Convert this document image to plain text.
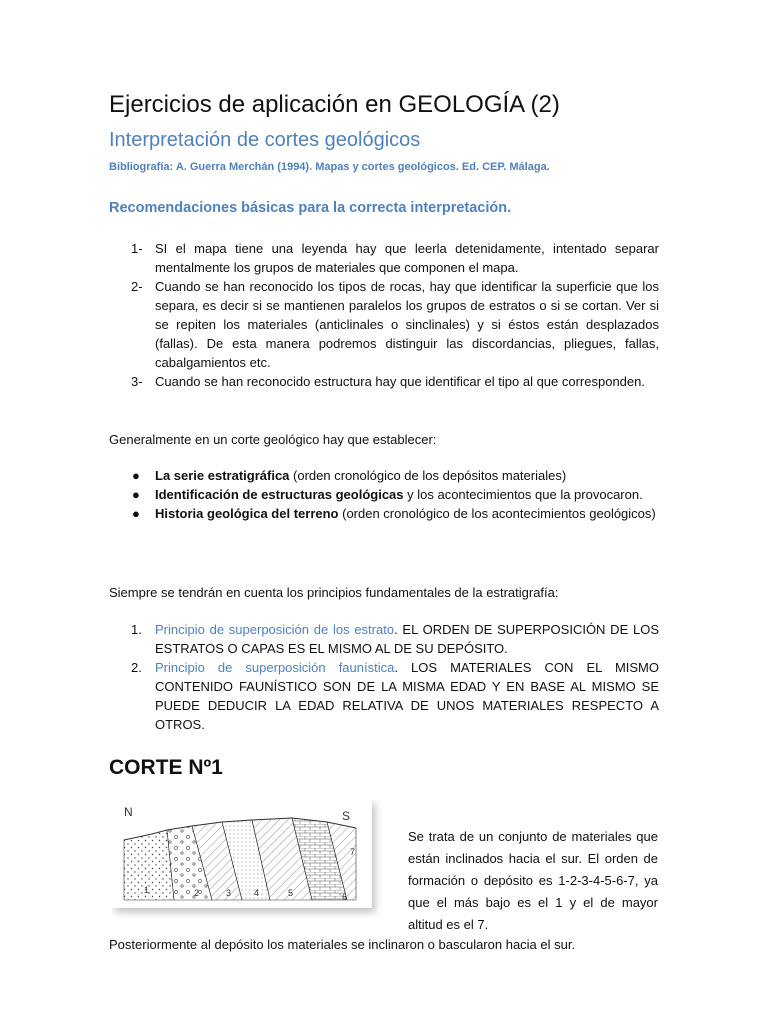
Ejercicios de aplicación en GEOLOGÍA (2)
Interpretación de cortes geológicos
Bibliografía: A. Guerra Merchán (1994). Mapas y cortes geológicos. Ed. CEP. Málaga.
Recomendaciones básicas para la correcta interpretación.
1- SI el mapa tiene una leyenda hay que leerla detenidamente, intentado separar mentalmente los grupos de materiales que componen el mapa.
2- Cuando se han reconocido los tipos de rocas, hay que identificar la superficie que los separa, es decir si se mantienen paralelos los grupos de estratos o si se cortan. Ver si se repiten los materiales (anticlinales o sinclinales) y si éstos están desplazados (fallas). De esta manera podremos distinguir las discordancias, pliegues, fallas, cabalgamientos etc.
3- Cuando se han reconocido estructura hay que identificar el tipo al que corresponden.
Generalmente en un corte geológico hay que establecer:
● La serie estratigráfica (orden cronológico de los depósitos materiales)
● Identificación de estructuras geológicas y los acontecimientos que la provocaron.
● Historia geológica del terreno (orden cronológico de los acontecimientos geológicos)
Siempre se tendrán en cuenta los principios fundamentales de la estratigrafía:
1. Principio de superposición de los estrato. EL ORDEN DE SUPERPOSICIÓN DE LOS ESTRATOS O CAPAS ES EL MISMO AL DE SU DEPÓSITO.
2. Principio de superposición faunística. LOS MATERIALES CON EL MISMO CONTENIDO FAUNÍSTICO SON DE LA MISMA EDAD Y EN BASE AL MISMO SE PUEDE DEDUCIR LA EDAD RELATIVA DE UNOS MATERIALES RESPECTO A OTROS.
CORTE Nº1
N	S
1	2	3	4	5	6
7
Se trata de un conjunto de materiales que están inclinados hacia el sur. El orden de formación o depósito es 1-2-3-4-5-6-7, ya que el más bajo es el 1 y el de mayor altitud es el 7.
Posteriormente al depósito los materiales se inclinaron o bascularon hacia el sur.
